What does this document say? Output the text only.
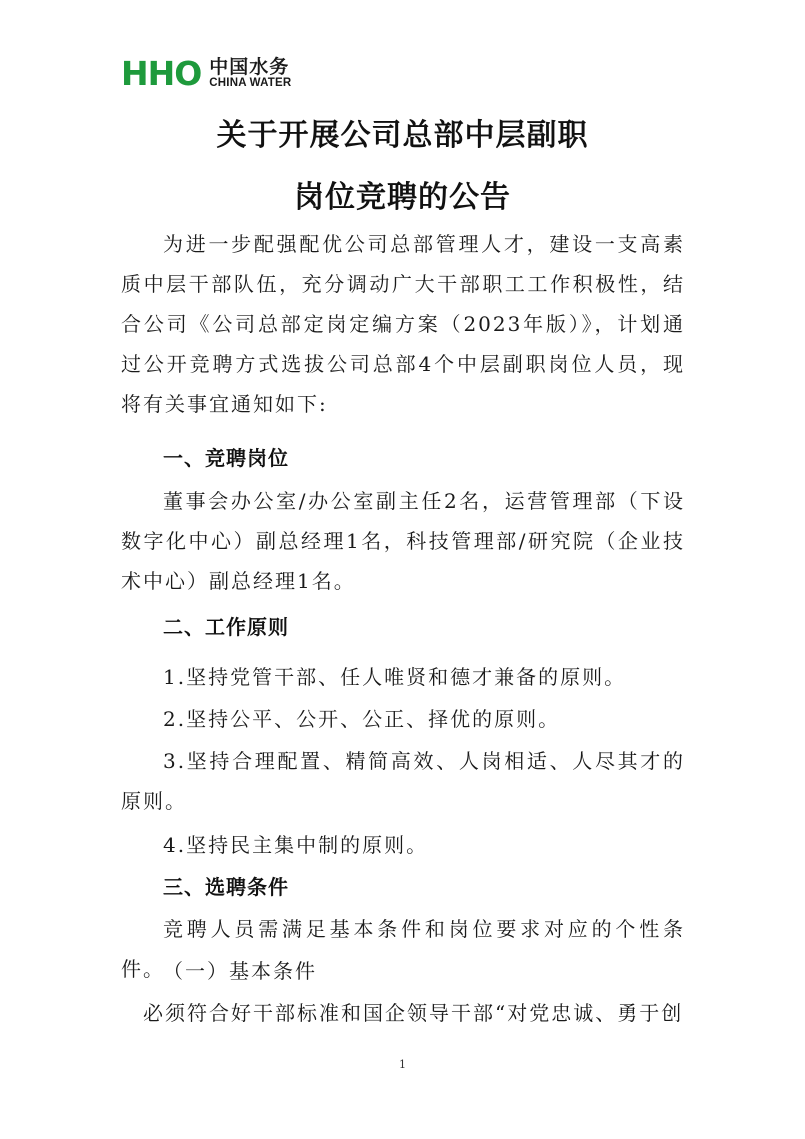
HHO 中国水务
CHINA WATER
关于开展公司总部中层副职
岗位竞聘的公告

为进一步配强配优公司总部管理人才，建设一支高素质中层干部队伍，充分调动广大干部职工工作积极性，结合公司《公司总部定岗定编方案（2023年版）》，计划通过公开竞聘方式选拔公司总部4个中层副职岗位人员，现将有关事宜通知如下:

一、竞聘岗位

董事会办公室/办公室副主任2名，运营管理部（下设数字化中心）副总经理1名，科技管理部/研究院（企业技术中心）副总经理1名。

二、工作原则

1.坚持党管干部、任人唯贤和德才兼备的原则。

2.坚持公平、公开、公正、择优的原则。

3.坚持合理配置、精简高效、人岗相适、人尽其才的原则。

4.坚持民主集中制的原则。

三、选聘条件

竞聘人员需满足基本条件和岗位要求对应的个性条件。

（一）基本条件

必须符合好干部标准和国企领导干部“对党忠诚、勇于创

1
